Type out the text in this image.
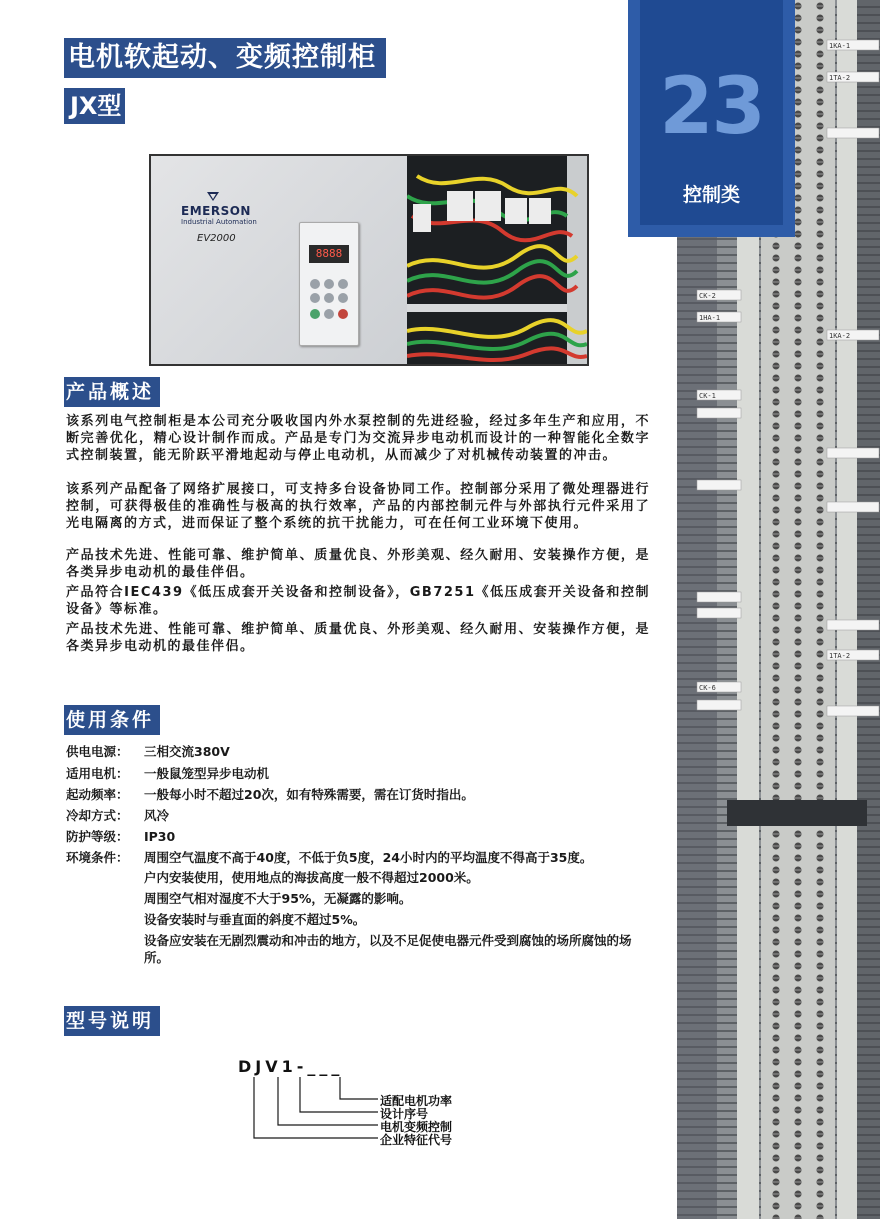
电机软起动、变频控制柜
JX型
1KA-1
1TA-2
CK-2
1HA-1
CK-1
1KA-2
1TA-2
CK-6
23
控制类
EMERSON
Industrial Automation
EV2000
8888
产品概述

该系列电气控制柜是本公司充分吸收国内外水泵控制的先进经验，经过多年生产和应用，不断完善优化，精心设计制作而成。产品是专门为交流异步电动机而设计的一种智能化全数字式控制装置，能无阶跃平滑地起动与停止电动机，从而减少了对机械传动装置的冲击。

该系列产品配备了网络扩展接口，可支持多台设备协同工作。控制部分采用了微处理器进行控制，可获得极佳的准确性与极高的执行效率，产品的内部控制元件与外部执行元件采用了光电隔离的方式，进而保证了整个系统的抗干扰能力，可在任何工业环境下使用。

产品技术先进、性能可靠、维护简单、质量优良、外形美观、经久耐用、安装操作方便，是各类异步电动机的最佳伴侣。

产品符合IEC439《低压成套开关设备和控制设备》，GB7251《低压成套开关设备和控制设备》等标准。

产品技术先进、性能可靠、维护简单、质量优良、外形美观、经久耐用、安装操作方便，是各类异步电动机的最佳伴侣。

使用条件
供电电源： 三相交流380V
适用电机： 一般鼠笼型异步电动机
起动频率： 一般每小时不超过20次，如有特殊需要，需在订货时指出。
冷却方式： 风冷
防护等级： IP30
环境条件： 周围空气温度不高于40度，不低于负5度，24小时内的平均温度不得高于35度。
户内安装使用，使用地点的海拔高度一般不得超过2000米。
周围空气相对湿度不大于95%，无凝露的影响。
设备安装时与垂直面的斜度不超过5%。
设备应安装在无剧烈震动和冲击的地方，以及不足促使电器元件受到腐蚀的场所腐蚀的场所。
型号说明
DJV1-___
适配电机功率
设计序号
电机变频控制
企业特征代号
